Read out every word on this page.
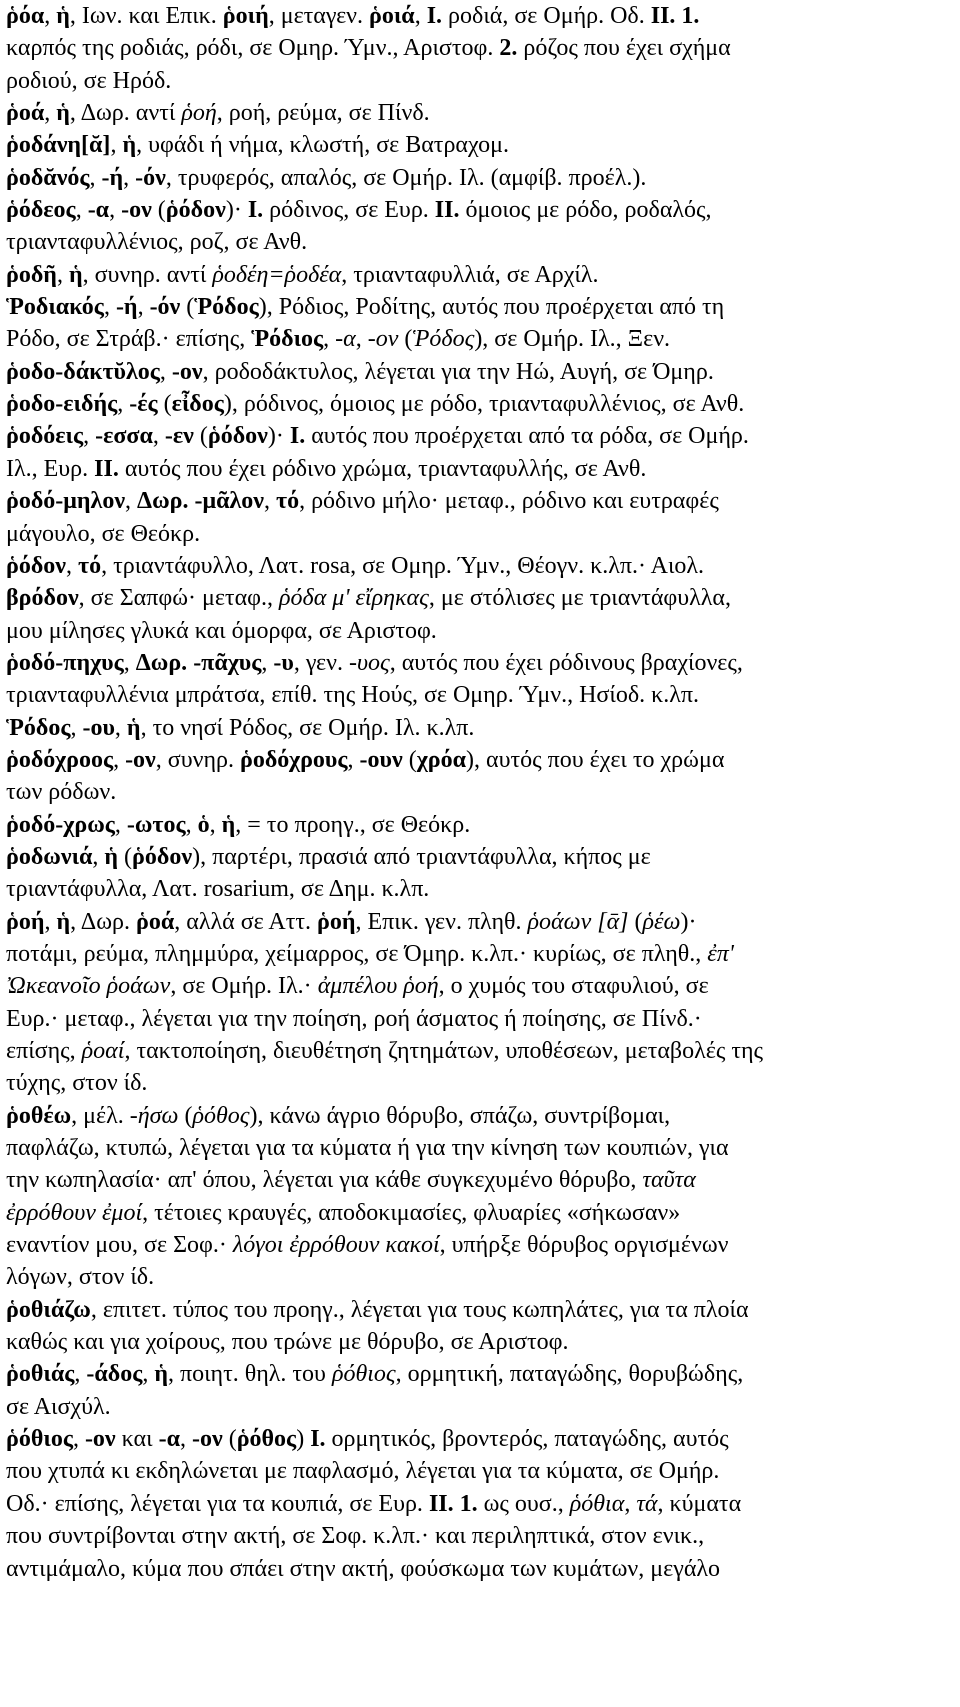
ῥόα, ἡ, Ιων. και Επικ. ῥοιή, μεταγεν. ῥοιά, I. ροδιά, σε Ομήρ. Οδ. II. 1.
καρπός της ροδιάς, ρόδι, σε Ομηρ. Ύμν., Αριστοφ. 2. ρόζος που έχει σχήμα
ροδιού, σε Ηρόδ.
ῥοά, ἡ, Δωρ. αντί ῥοή, ροή, ρεύμα, σε Πίνδ.
ῥοδάνη[ᾰ], ἡ, υφάδι ή νήμα, κλωστή, σε Βατραχομ.
ῥοδᾰνός, -ή, -όν, τρυφερός, απαλός, σε Ομήρ. Ιλ. (αμφίβ. προέλ.).
ῥόδεος, -α, -ον (ῥόδον)· I. ρόδινος, σε Ευρ. II. όμοιος με ρόδο, ροδαλός,
τριανταφυλλένιος, ροζ, σε Ανθ.
ῥοδῆ, ἡ, συνηρ. αντί ῥοδέη=ῥοδέα, τριανταφυλλιά, σε Αρχίλ.
Ῥοδιακός, -ή, -όν (Ῥόδος), Ρόδιος, Ροδίτης, αυτός που προέρχεται από τη
Ρόδο, σε Στράβ.· επίσης, Ῥόδιος, -α, -ον (Ῥόδος), σε Ομήρ. Ιλ., Ξεν.
ῥοδο-δάκτῠλος, -ον, ροδοδάκτυλος, λέγεται για την Ηώ, Αυγή, σε Όμηρ.
ῥοδο-ειδής, -ές (εἶδος), ρόδινος, όμοιος με ρόδο, τριανταφυλλένιος, σε Ανθ.
ῥοδόεις, -εσσα, -εν (ῥόδον)· I. αυτός που προέρχεται από τα ρόδα, σε Ομήρ.
Ιλ., Ευρ. II. αυτός που έχει ρόδινο χρώμα, τριανταφυλλής, σε Ανθ.
ῥοδό-μηλον, Δωρ. -μᾶλον, τό, ρόδινο μήλο· μεταφ., ρόδινο και ευτραφές
μάγουλο, σε Θεόκρ.
ῥόδον, τό, τριαντάφυλλο, Λατ. rosa, σε Ομηρ. Ύμν., Θέογν. κ.λπ.· Αιολ.
βρόδον, σε Σαπφώ· μεταφ., ῥόδα μ' εἴρηκας, με στόλισες με τριαντάφυλλα,
μου μίλησες γλυκά και όμορφα, σε Αριστοφ.
ῥοδό-πηχυς, Δωρ. -πᾶχυς, -υ, γεν. -υος, αυτός που έχει ρόδινους βραχίονες,
τριανταφυλλένια μπράτσα, επίθ. της Ηούς, σε Ομηρ. Ύμν., Ησίοδ. κ.λπ.
Ῥόδος, -ου, ἡ, το νησί Ρόδος, σε Ομήρ. Ιλ. κ.λπ.
ῥοδόχροος, -ον, συνηρ. ῥοδόχρους, -ουν (χρόα), αυτός που έχει το χρώμα
των ρόδων.
ῥοδό-χρως, -ωτος, ὁ, ἡ, = το προηγ., σε Θεόκρ.
ῥοδωνιά, ἡ (ῥόδον), παρτέρι, πρασιά από τριαντάφυλλα, κήπος με
τριαντάφυλλα, Λατ. rosarium, σε Δημ. κ.λπ.
ῥοή, ἡ, Δωρ. ῥοά, αλλά σε Αττ. ῥοή, Επικ. γεν. πληθ. ῥοάων [ᾱ] (ῥέω)·
ποτάμι, ρεύμα, πλημμύρα, χείμαρρος, σε Όμηρ. κ.λπ.· κυρίως, σε πληθ., ἐπ'
Ὠκεανοῖο ῥοάων, σε Ομήρ. Ιλ.· ἀμπέλου ῥοή, ο χυμός του σταφυλιού, σε
Ευρ.· μεταφ., λέγεται για την ποίηση, ροή άσματος ή ποίησης, σε Πίνδ.·
επίσης, ῥοαί, τακτοποίηση, διευθέτηση ζητημάτων, υποθέσεων, μεταβολές της
τύχης, στον ίδ.
ῥοθέω, μέλ. -ήσω (ῥόθος), κάνω άγριο θόρυβο, σπάζω, συντρίβομαι,
παφλάζω, κτυπώ, λέγεται για τα κύματα ή για την κίνηση των κουπιών, για
την κωπηλασία· απ' όπου, λέγεται για κάθε συγκεχυμένο θόρυβο, ταῦτα
ἐρρόθουν ἐμοί, τέτοιες κραυγές, αποδοκιμασίες, φλυαρίες «σήκωσαν»
εναντίον μου, σε Σοφ.· λόγοι ἐρρόθουν κακοί, υπήρξε θόρυβος οργισμένων
λόγων, στον ίδ.
ῥοθιάζω, επιτετ. τύπος του προηγ., λέγεται για τους κωπηλάτες, για τα πλοία
καθώς και για χοίρους, που τρώνε με θόρυβο, σε Αριστοφ.
ῥοθιάς, -άδος, ἡ, ποιητ. θηλ. του ῥόθιος, ορμητική, παταγώδης, θορυβώδης,
σε Αισχύλ.
ῥόθιος, -ον και -α, -ον (ῥόθος) I. ορμητικός, βροντερός, παταγώδης, αυτός
που χτυπά κι εκδηλώνεται με παφλασμό, λέγεται για τα κύματα, σε Ομήρ.
Οδ.· επίσης, λέγεται για τα κουπιά, σε Ευρ. II. 1. ως ουσ., ῥόθια, τά, κύματα
που συντρίβονται στην ακτή, σε Σοφ. κ.λπ.· και περιληπτικά, στον ενικ.,
αντιμάμαλο, κύμα που σπάει στην ακτή, φούσκωμα των κυμάτων, μεγάλο
